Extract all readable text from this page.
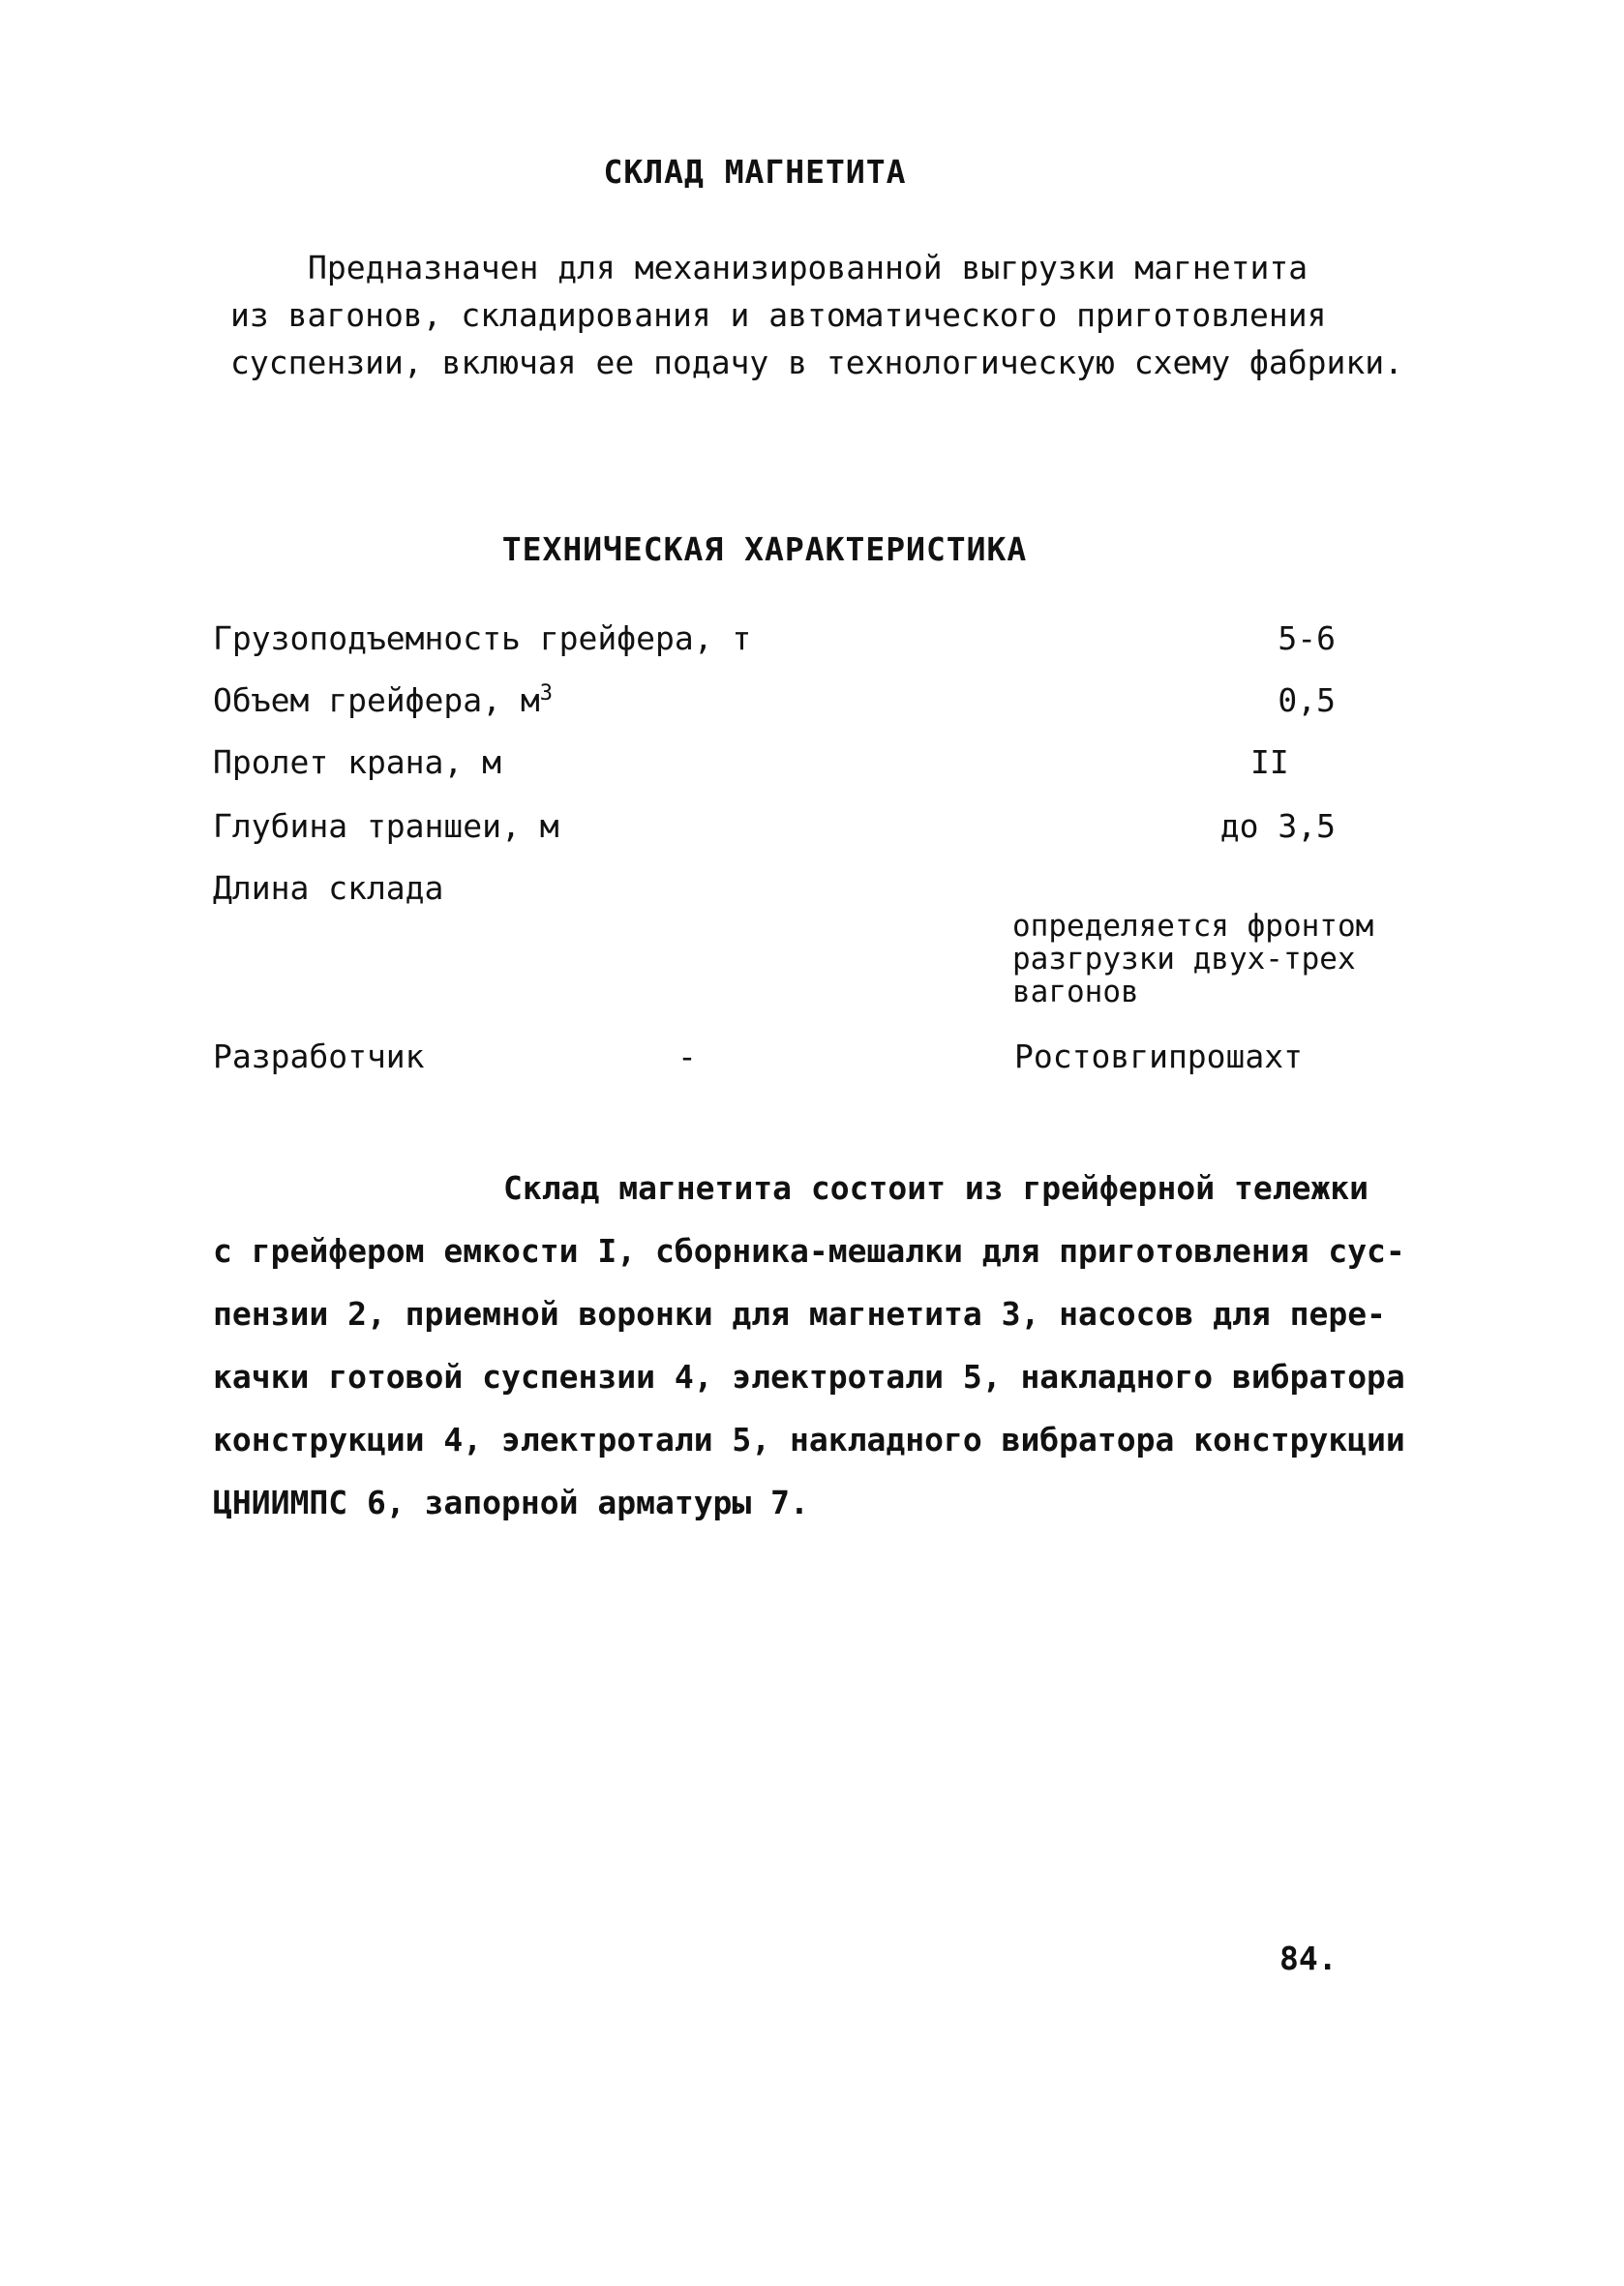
СКЛАД МАГНЕТИТА
Предназначен для механизированной выгрузки магнетита
из вагонов, складирования и автоматического приготовления
суспензии, включая ее подачу в технологическую схему фабрики.
ТЕХНИЧЕСКАЯ ХАРАКТЕРИСТИКА
Грузоподъемность грейфера, т	5-6
Объем грейфера, $м^3$	0,5
Пролет крана, м	II
Глубина траншеи, м	до 3,5
Длина склада
определяется фронтом
разгрузки двух-трех
вагонов
Разработчик	-	Ростовгипрошахт
Склад магнетита состоит из грейферной тележки
с грейфером емкости I, сборника-мешалки для приготовления сус-
пензии 2, приемной воронки для магнетита 3, насосов для пере-
качки готовой суспензии 4, электротали 5, накладного вибратора
конструкции 4, электротали 5, накладного вибратора конструкции
ЦНИИМПС 6, запорной арматуры 7.
84.
